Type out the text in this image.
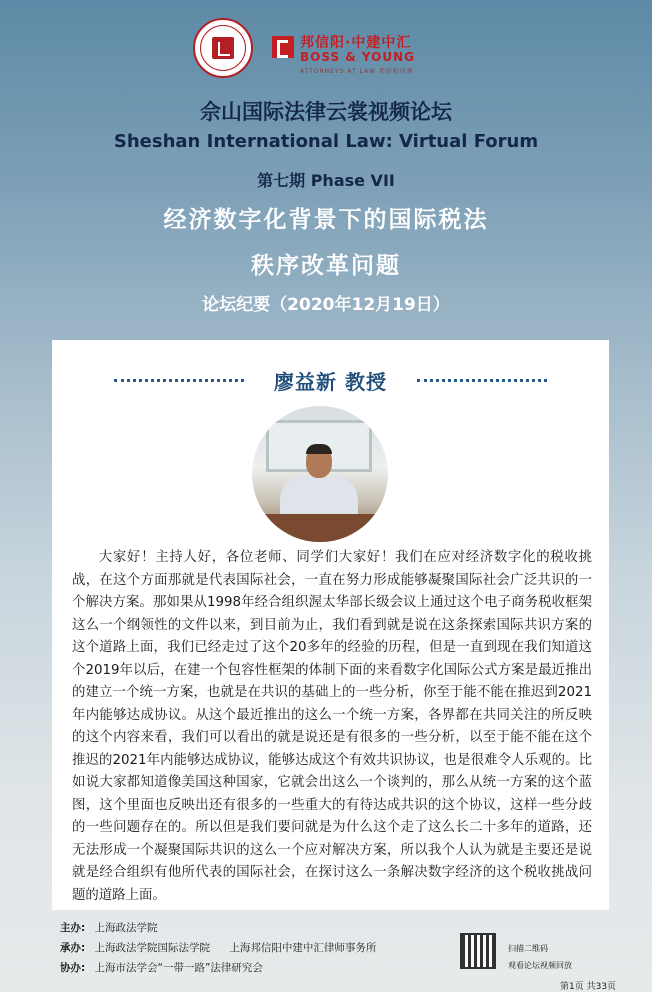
邦信阳·中建中汇
BOSS & YOUNG
ATTORNEYS AT LAW 邦信阳律师
佘山国际法律云裳视频论坛
Sheshan International Law: Virtual Forum
第七期 Phase VII
经济数字化背景下的国际税法
秩序改革问题
论坛纪要（2020年12月19日）
廖益新 教授

大家好！主持人好，各位老师、同学们大家好！我们在应对经济数字化的税收挑战，在这个方面那就是代表国际社会，一直在努力形成能够凝聚国际社会广泛共识的一个解决方案。那如果从1998年经合组织渥太华部长级会议上通过这个电子商务税收框架这么一个纲领性的文件以来，到目前为止，我们看到就是说在这条探索国际共识方案的这个道路上面，我们已经走过了这个20多年的经验的历程，但是一直到现在我们知道这个2019年以后，在建一个包容性框架的体制下面的来看数字化国际公式方案是最近推出的建立一个统一方案，也就是在共识的基础上的一些分析，你至于能不能在推迟到2021年内能够达成协议。从这个最近推出的这么一个统一方案，各界都在共同关注的所反映的这个内容来看，我们可以看出的就是说还是有很多的一些分析，以至于能不能在这个推迟的2021年内能够达成协议，能够达成这个有效共识协议，也是很难令人乐观的。比如说大家都知道像美国这种国家，它就会出这么一个谈判的，那么从统一方案的这个蓝图，这个里面也反映出还有很多的一些重大的有待达成共识的这个协议，这样一些分歧的一些问题存在的。所以但是我们要问就是为什么这个走了这么长二十多年的道路，还无法形成一个凝聚国际共识的这么一个应对解决方案，所以我个人认为就是主要还是说就是经合组织有他所代表的国际社会，在探讨这么一条解决数字经济的这个税收挑战问题的道路上面。

主办: 上海政法学院
承办: 上海政法学院国际法学院 上海邦信阳中建中汇律师事务所
协办: 上海市法学会“一带一路”法律研究会
扫描二维码
观看论坛视频回放
第1页 共33页
